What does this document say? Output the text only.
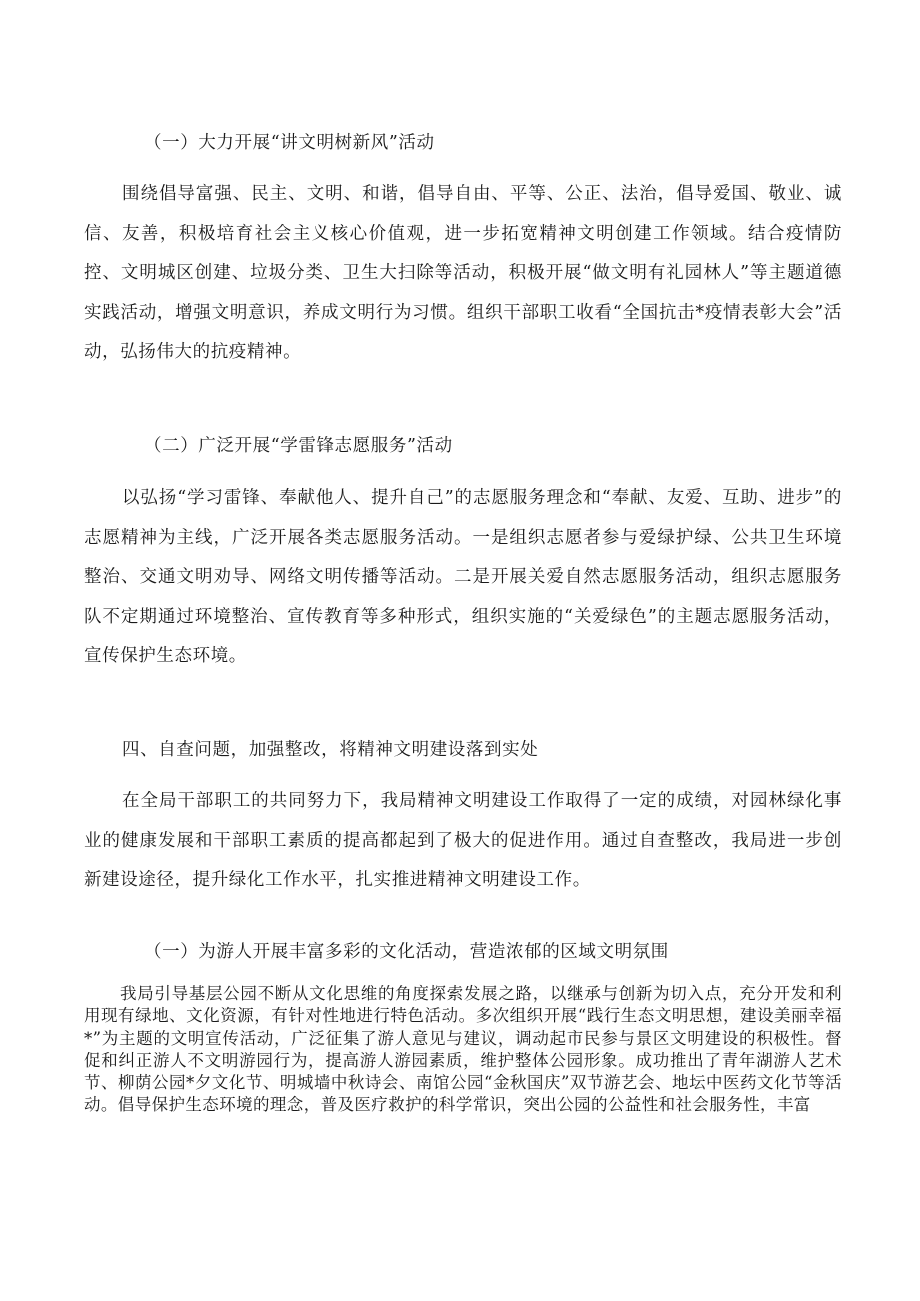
（一）大力开展“讲文明树新风”活动

围绕倡导富强、民主、文明、和谐，倡导自由、平等、公正、法治，倡导爱国、敬业、诚信、友善，积极培育社会主义核心价值观，进一步拓宽精神文明创建工作领域。结合疫情防控、文明城区创建、垃圾分类、卫生大扫除等活动，积极开展“做文明有礼园林人”等主题道德实践活动，增强文明意识，养成文明行为习惯。组织干部职工收看“全国抗击*疫情表彰大会”活动，弘扬伟大的抗疫精神。

（二）广泛开展“学雷锋志愿服务”活动

以弘扬“学习雷锋、奉献他人、提升自己”的志愿服务理念和“奉献、友爱、互助、进步”的志愿精神为主线，广泛开展各类志愿服务活动。一是组织志愿者参与爱绿护绿、公共卫生环境整治、交通文明劝导、网络文明传播等活动。二是开展关爱自然志愿服务活动，组织志愿服务队不定期通过环境整治、宣传教育等多种形式，组织实施的“关爱绿色”的主题志愿服务活动，宣传保护生态环境。

四、自查问题，加强整改，将精神文明建设落到实处

在全局干部职工的共同努力下，我局精神文明建设工作取得了一定的成绩，对园林绿化事业的健康发展和干部职工素质的提高都起到了极大的促进作用。通过自查整改，我局进一步创新建设途径，提升绿化工作水平，扎实推进精神文明建设工作。

（一）为游人开展丰富多彩的文化活动，营造浓郁的区域文明氛围

我局引导基层公园不断从文化思维的角度探索发展之路，以继承与创新为切入点，充分开发和利用现有绿地、文化资源，有针对性地进行特色活动。多次组织开展“践行生态文明思想，建设美丽幸福*”为主题的文明宣传活动，广泛征集了游人意见与建议，调动起市民参与景区文明建设的积极性。督促和纠正游人不文明游园行为，提高游人游园素质，维护整体公园形象。成功推出了青年湖游人艺术节、柳荫公园*夕文化节、明城墙中秋诗会、南馆公园“金秋国庆”双节游艺会、地坛中医药文化节等活动。倡导保护生态环境的理念，普及医疗救护的科学常识，突出公园的公益性和社会服务性，丰富
